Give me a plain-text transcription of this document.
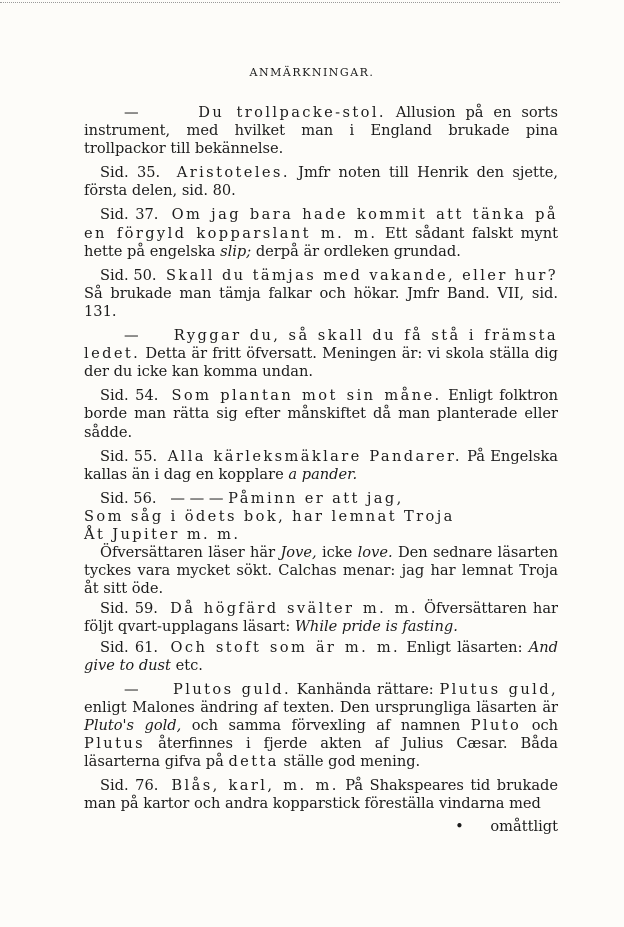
ANMÄRKNINGAR.

—	Du trollpacke-stol. Allusion på en sorts instrument, med hvilket man i England brukade pina trollpackor till bekännelse.

Sid. 35. Aristoteles. Jmfr noten till Henrik den sjette, första delen, sid. 80.

Sid. 37. Om jag bara hade kommit att tänka på en förgyld kopparslant m. m. Ett sådant falskt mynt hette på engelska slip; derpå är ordleken grundad.

Sid. 50. Skall du tämjas med vakande, eller hur? Så brukade man tämja falkar och hökar. Jmfr Band. VII, sid. 131.

— Ryggar du, så skall du få stå i främsta ledet. Detta är fritt öfversatt. Meningen är: vi skola ställa dig der du icke kan komma undan.

Sid. 54. Som plantan mot sin måne. Enligt folktron borde man rätta sig efter månskiftet då man planterade eller sådde.

Sid. 55. Alla kärleksmäklare Pandarer. På Engelska kallas än i dag en kopplare a pander.

Sid. 56. — — — Påminn er att jag,
Som såg i ödets bok, har lemnat Troja
Åt Jupiter m. m.

Öfversättaren läser här Jove, icke love. Den sednare läsarten tyckes vara mycket sökt. Calchas menar: jag har lemnat Troja åt sitt öde.

Sid. 59. Då högfärd svälter m. m. Öfversättaren har följt qvart-upplagans läsart: While pride is fasting.

Sid. 61. Och stoft som är m. m. Enligt läsarten: And give to dust etc.

— Plutos guld. Kanhända rättare: Plutus guld, enligt Malones ändring af texten. Den ursprungliga läsarten är Pluto's gold, och samma förvexling af namnen Pluto och Plutus återfinnes i fjerde akten af Julius Cæsar. Båda läsarterna gifva på detta ställe god mening.

Sid. 76. Blås, karl, m. m. På Shakspeares tid brukade man på kartor och andra kopparstick föreställa vindarna med

• omåttligt
